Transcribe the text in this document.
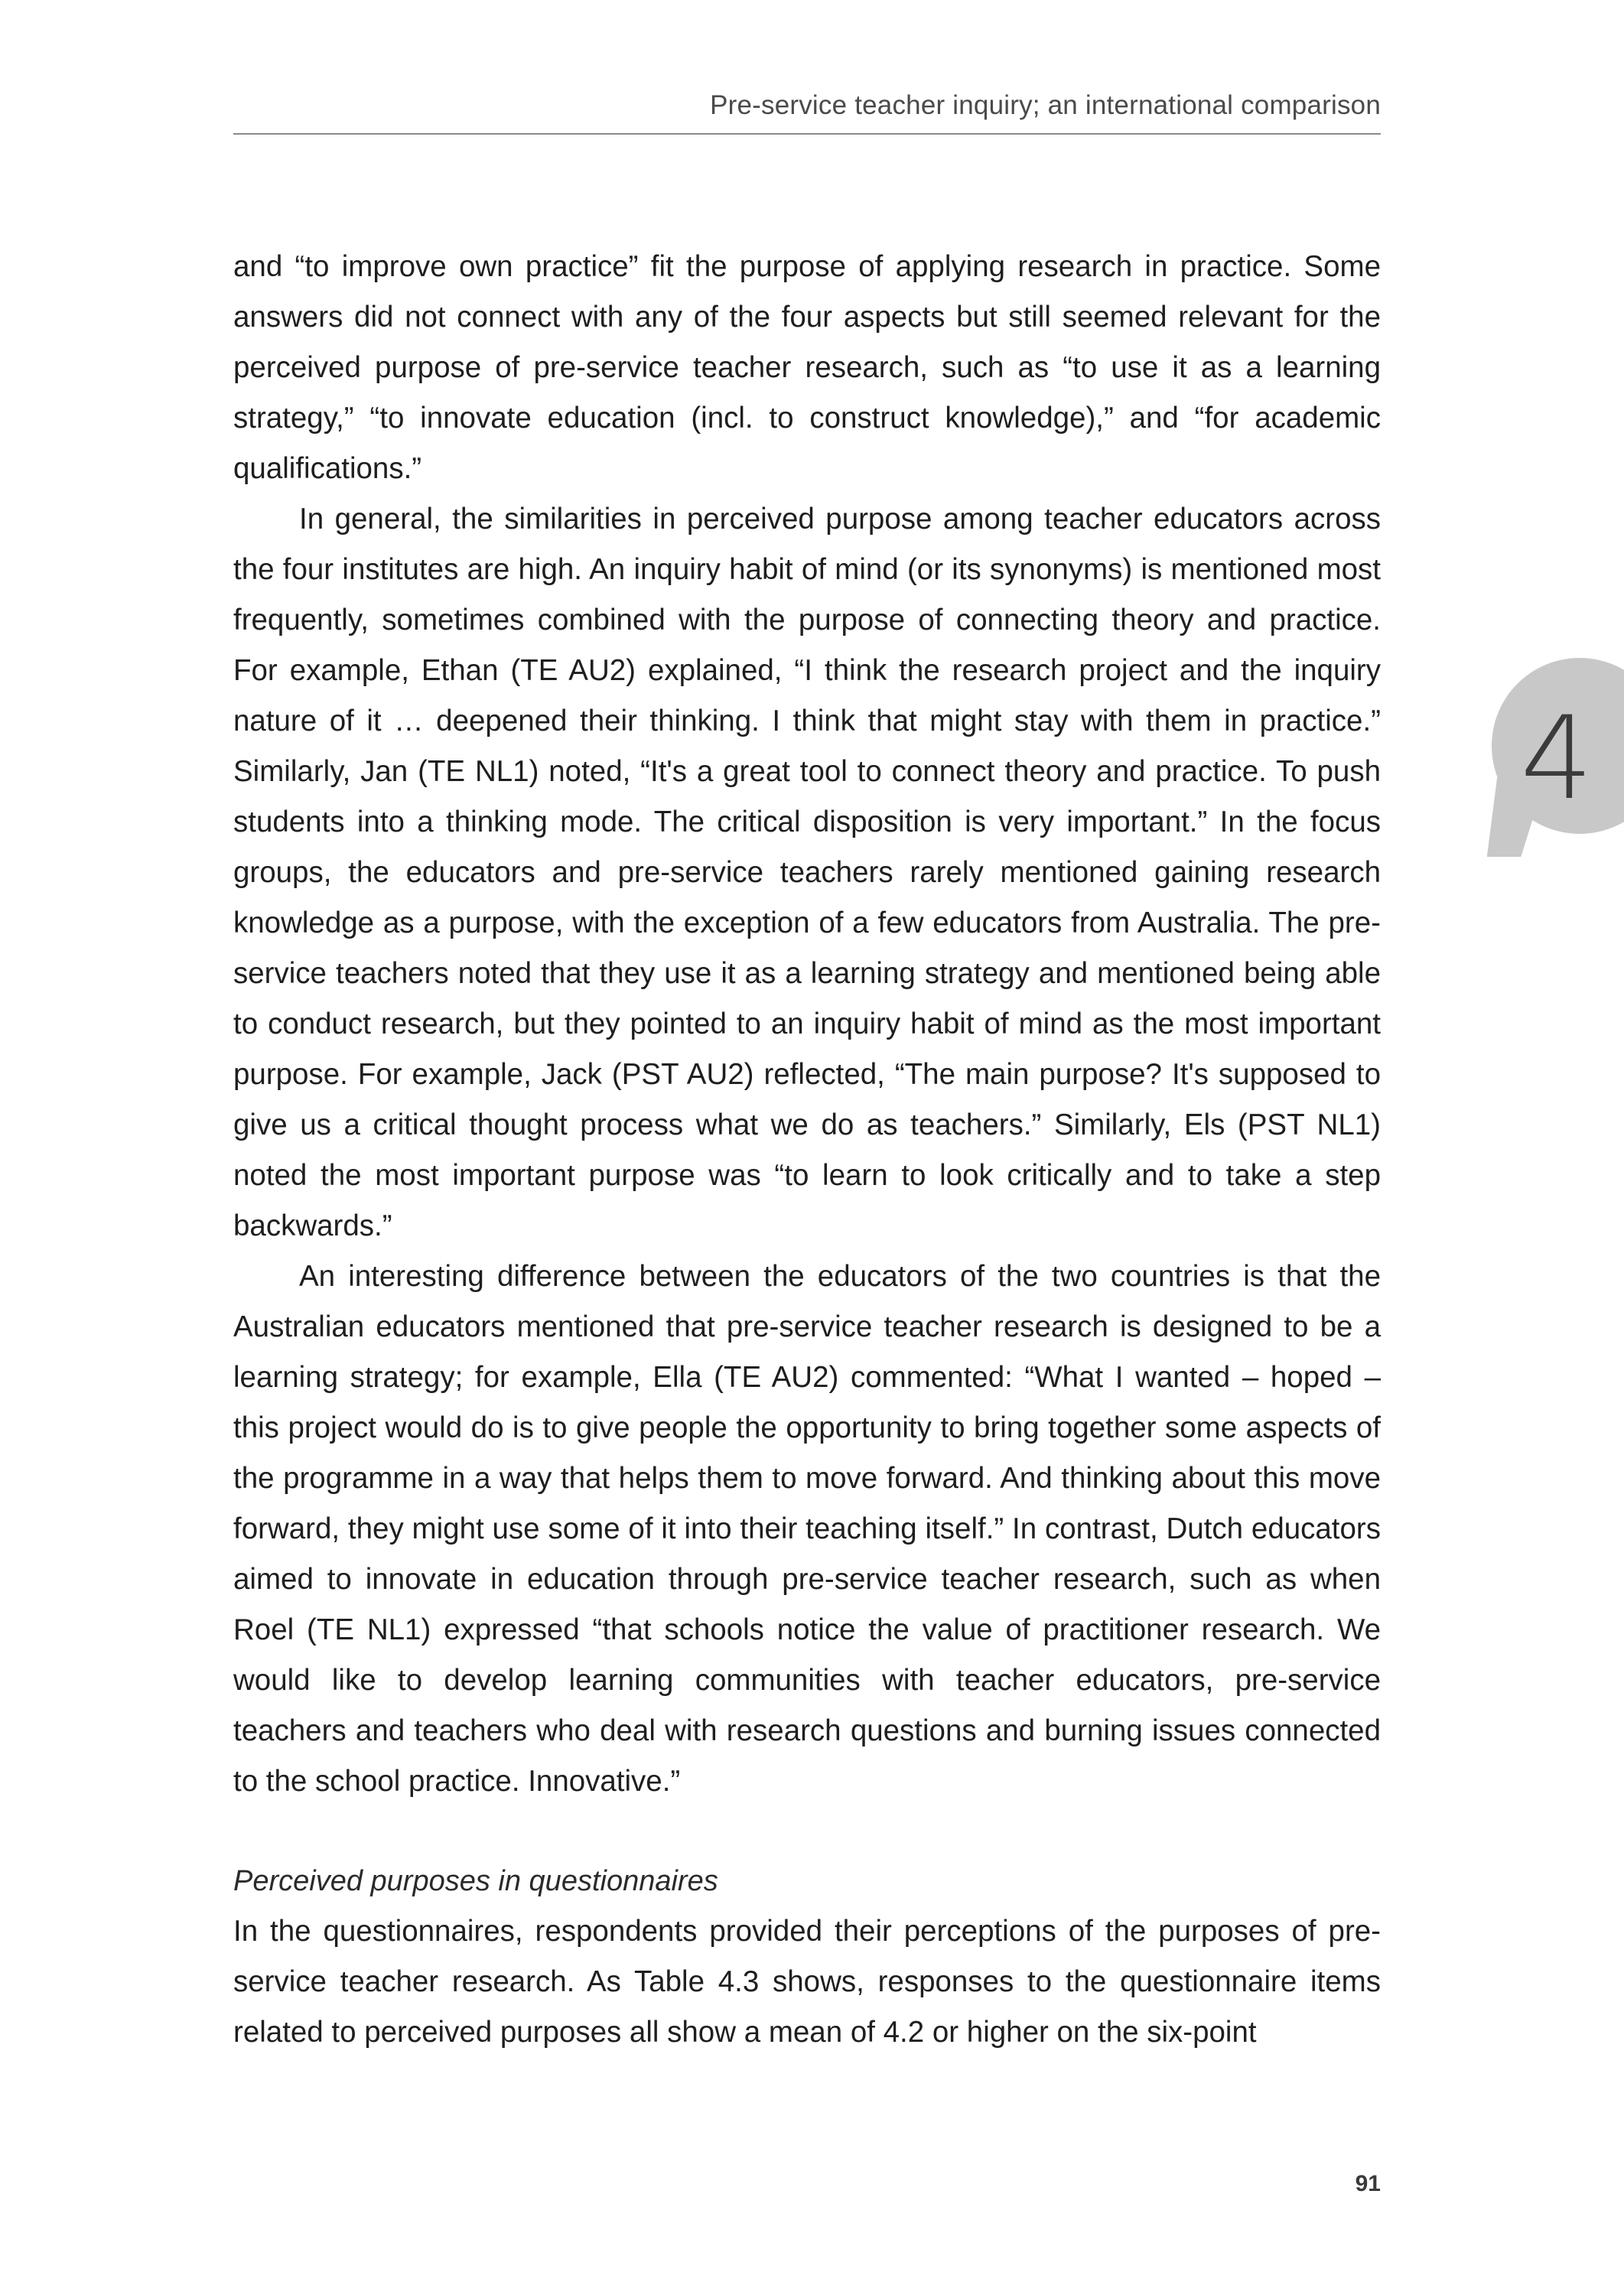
Pre-service teacher inquiry; an international comparison
4

and “to improve own practice” fit the purpose of applying research in practice. Some answers did not connect with any of the four aspects but still seemed relevant for the perceived purpose of pre-service teacher research, such as “to use it as a learning strategy,” “to innovate education (incl. to construct knowledge),” and “for academic qualifications.”

In general, the similarities in perceived purpose among teacher educators across the four institutes are high. An inquiry habit of mind (or its synonyms) is mentioned most frequently, sometimes combined with the purpose of connecting theory and practice. For example, Ethan (TE AU2) explained, “I think the research project and the inquiry nature of it … deepened their thinking. I think that might stay with them in practice.” Similarly, Jan (TE NL1) noted, “It's a great tool to connect theory and practice. To push students into a thinking mode. The critical disposition is very important.” In the focus groups, the educators and pre-service teachers rarely mentioned gaining research knowledge as a purpose, with the exception of a few educators from Australia. The pre-service teachers noted that they use it as a learning strategy and mentioned being able to conduct research, but they pointed to an inquiry habit of mind as the most important purpose. For example, Jack (PST AU2) reflected, “The main purpose? It's supposed to give us a critical thought process what we do as teachers.” Similarly, Els (PST NL1) noted the most important purpose was “to learn to look critically and to take a step backwards.”

An interesting difference between the educators of the two countries is that the Australian educators mentioned that pre-service teacher research is designed to be a learning strategy; for example, Ella (TE AU2) commented: “What I wanted – hoped – this project would do is to give people the opportunity to bring together some aspects of the programme in a way that helps them to move forward. And thinking about this move forward, they might use some of it into their teaching itself.” In contrast, Dutch educators aimed to innovate in education through pre-service teacher research, such as when Roel (TE NL1) expressed “that schools notice the value of practitioner research. We would like to develop learning communities with teacher educators, pre-service teachers and teachers who deal with research questions and burning issues connected to the school practice. Innovative.”

Perceived purposes in questionnaires

In the questionnaires, respondents provided their perceptions of the purposes of pre-service teacher research. As Table 4.3 shows, responses to the questionnaire items related to perceived purposes all show a mean of 4.2 or higher on the six-point

91
